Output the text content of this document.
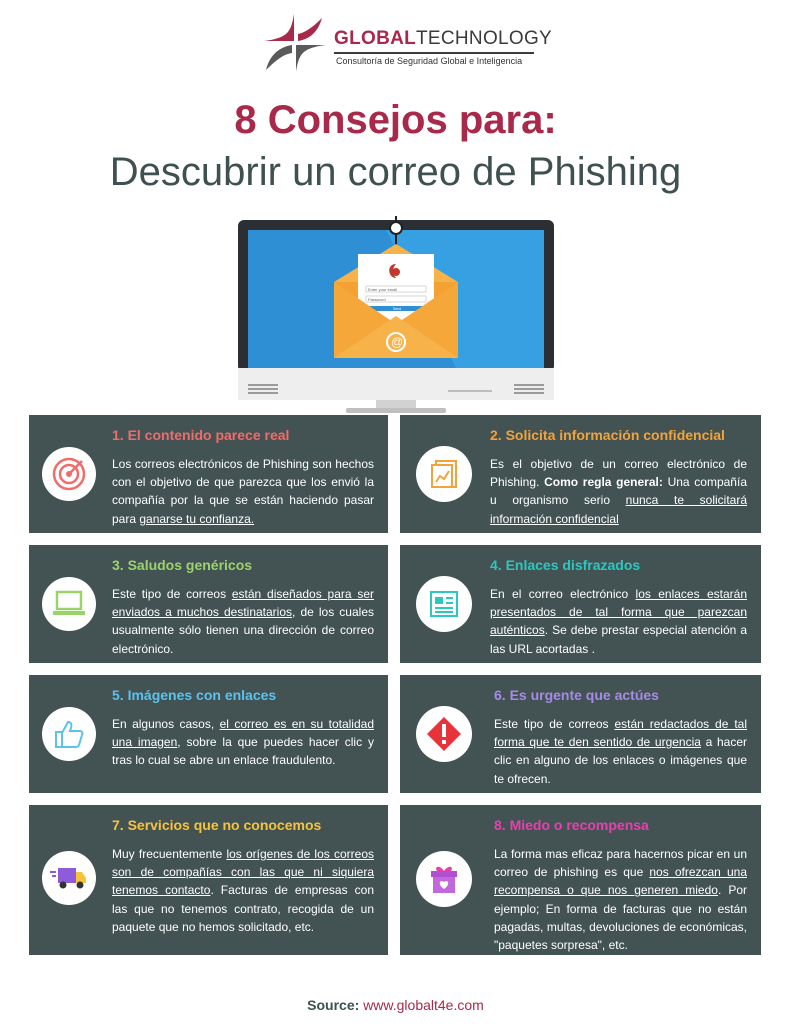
GLOBALTECHNOLOGY
Consultoría de Seguridad Global e Inteligencia
8 Consejos para:
Descubrir un correo de Phishing
Enter your email
Password
Send
@
1. El contenido parece real

Los correos electrónicos de Phishing son hechos con el objetivo de que parezca que los envió la compañía por la que se están haciendo pasar para ganarse tu confianza.

2. Solicita información confidencial

Es el objetivo de un correo electrónico de Phishing. Como regla general: Una compañía u organismo serio nunca te solicitará información confidencial

3. Saludos genéricos

Este tipo de correos están diseñados para ser enviados a muchos destinatarios, de los cuales usualmente sólo tienen una dirección de correo electrónico.

4. Enlaces disfrazados

En el correo electrónico los enlaces estarán presentados de tal forma que parezcan auténticos. Se debe prestar especial atención a las URL acortadas .

5. Imágenes con enlaces

En algunos casos, el correo es en su totalidad una imagen, sobre la que puedes hacer clic y tras lo cual se abre un enlace fraudulento.

6. Es urgente que actúes

Este tipo de correos están redactados de tal forma que te den sentido de urgencia a hacer clic en alguno de los enlaces o imágenes que te ofrecen.

7. Servicios que no conocemos

Muy frecuentemente los orígenes de los correos son de compañías con las que ni siquiera tenemos contacto. Facturas de empresas con las que no tenemos contrato, recogida de un paquete que no hemos solicitado, etc.

8. Miedo o recompensa

La forma mas eficaz para hacernos picar en un correo de phishing es que nos ofrezcan una recompensa o que nos generen miedo. Por ejemplo; En forma de facturas que no están pagadas, multas, devoluciones de económicas, "paquetes sorpresa", etc.

Source: www.globalt4e.com
